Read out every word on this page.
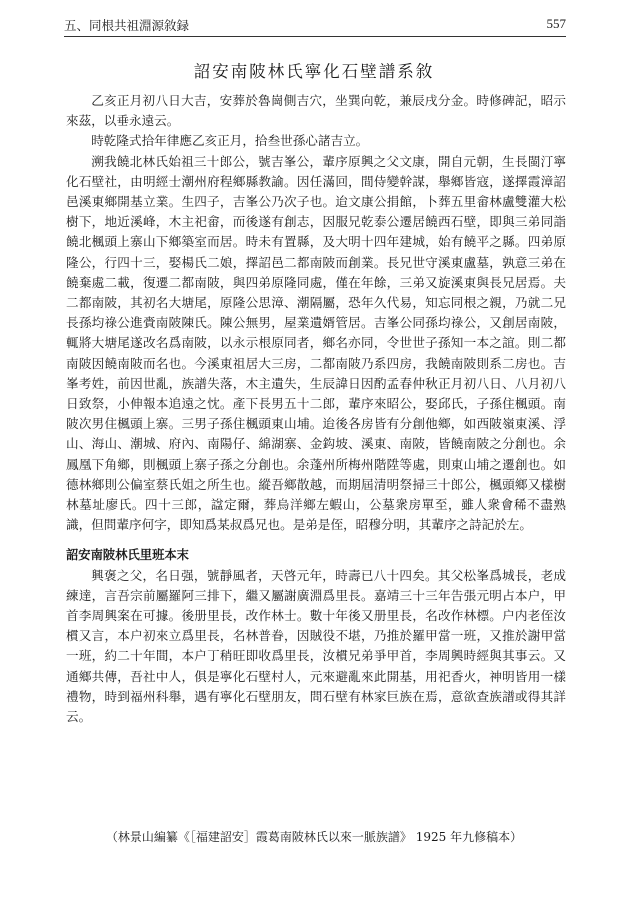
五、同根共祖淵源敘録	557
詔安南陂林氏寧化石壁譜系敘

乙亥正月初八日大吉，安葬於魯崗側吉穴，坐巽向乾，兼辰戌分金。時修碑記，昭示來茲，以垂永遠云。

時乾隆式拾年律應乙亥正月，拾叁世孫心諸吉立。

溯我饒北林氏始祖三十郎公，號吉峯公，輩序原興之父文康，開自元朝，生長閩汀寧化石壁社，由明經士潮州府程鄉縣教諭。因任滿回，間侍變幹謀，舉鄉皆寇，遂擇霞漳詔邑溪東鄉開基立業。生四子，吉峯公乃次子也。迨文康公捐館，卜葬五里畲林盧雙灌大松樹下，地近溪峰，木主祀畲，而後遂有創志，因服兄乾泰公遷居饒西石壁，即與三弟同詣饒北楓頭上寨山下鄉築室而居。時未有置縣，及大明十四年建城，始有饒平之縣。四弟原隆公，行四十三，娶楊氏二娘，擇詔邑二都南陂而創業。長兄世守溪東盧墓，孰意三弟在饒棄處二載，復遷二都南陂，與四弟原隆同處，僅在年餘，三弟又旋溪東與長兄居焉。夫二都南陂，其初名大塘尾，原隆公思漳、潮隔屬，恐年久代易，知忘同根之親，乃就二兄長孫均祿公進賫南陂陳氏。陳公無男，屋業遺婿管居。吉峯公同孫均祿公，又創居南陂，輒將大塘尾遂改名爲南陂，以永示根原同者，鄉名亦同，令世世子孫知一本之誼。則二都南陂因饒南陂而名也。今溪東祖居大三房，二都南陂乃系四房，我饒南陂則系二房也。吉峯考姓，前因世亂，族譜失落，木主遺失，生辰諱日因酌孟春仲秋正月初八日、八月初八日致祭，小伸報本追遠之忱。產下長男五十二郎，輩序來昭公，娶邱氏，子孫住楓頭。南陂次男住楓頭上寨。三男子孫住楓頭東山埔。迨後各房皆有分創他鄉，如西陂嶺東溪、浮山、海山、潮城、府內、南陽仔、綿湖寨、金鈎坡、溪東、南陂，皆饒南陂之分創也。余鳳凰下角鄉，則楓頭上寨子孫之分創也。余蓬州所梅州階陞等處，則東山埔之遷創也。如德林鄉則公偏室蔡氏姐之所生也。縱吾鄉散越，而期屆清明祭掃三十郎公，楓頭鄉又樣樹林墓址廖氏。四十三郎，諡定爾，葬烏洋鄉左蝦山，公墓衆房單至，雖人衆會稀不盡熟識，但問輩序何字，即知爲某叔爲兄也。是弟是侄，昭穆分明，其輩序之詩記於左。

詔安南陂林氏里班本末

興褒之父，名日强，號靜風者，天啓元年，時壽已八十四矣。其父松峯爲城長，老成練達，言吾宗前屬羅阿三排下，繼又屬謝廣淵爲里長。嘉靖三十三年告張元明占本户，甲首李周興案在可據。後册里長，改作林士。數十年後又册里長，名改作林標。户内老侄汝樌又言，本户初來立爲里長，名林普眷，因賊役不堪，乃推於羅甲當一班，又推於謝甲當一班，約二十年間，本户丁稍旺即收爲里長，汝樌兄弟爭甲首，李周興時經與其事云。又通鄉共傳，吾社中人，俱是寧化石壁村人，元來避亂來此開基，用祀香火，神明皆用一樣禮物，時到福州科舉，遇有寧化石壁朋友，問石壁有林家巨族在焉，意欲查族譜或得其詳云。

（林景山編纂《［福建詔安］霞葛南陂林氏以來一脈族譜》 1925 年九修稿本）
